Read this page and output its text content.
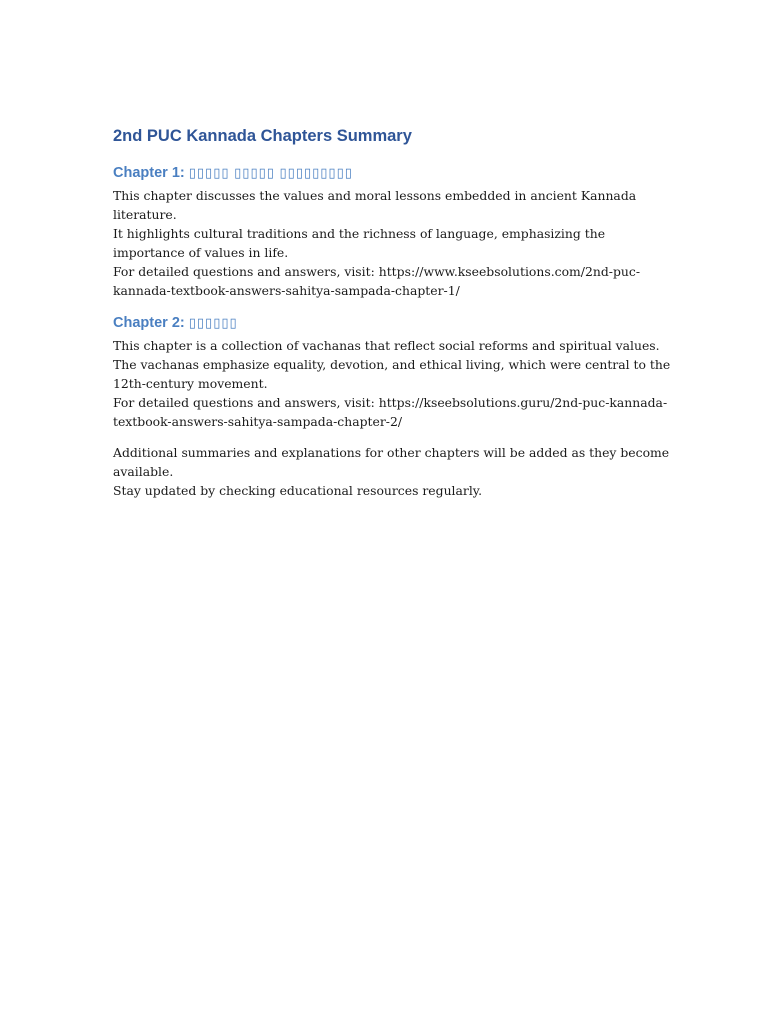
2nd PUC Kannada Chapters Summary
Chapter 1: ▯▯▯▯▯ ▯▯▯▯▯ ▯▯▯▯▯▯▯▯▯

This chapter discusses the values and moral lessons embedded in ancient Kannada literature.
It highlights cultural traditions and the richness of language, emphasizing the importance of values in life.
For detailed questions and answers, visit: https://www.kseebsolutions.com/2nd-puc-kannada-textbook-answers-sahitya-sampada-chapter-1/

Chapter 2: ▯▯▯▯▯▯

This chapter is a collection of vachanas that reflect social reforms and spiritual values.
The vachanas emphasize equality, devotion, and ethical living, which were central to the 12th-century movement.
For detailed questions and answers, visit: https://kseebsolutions.guru/2nd-puc-kannada-textbook-answers-sahitya-sampada-chapter-2/

Additional summaries and explanations for other chapters will be added as they become available.
Stay updated by checking educational resources regularly.
